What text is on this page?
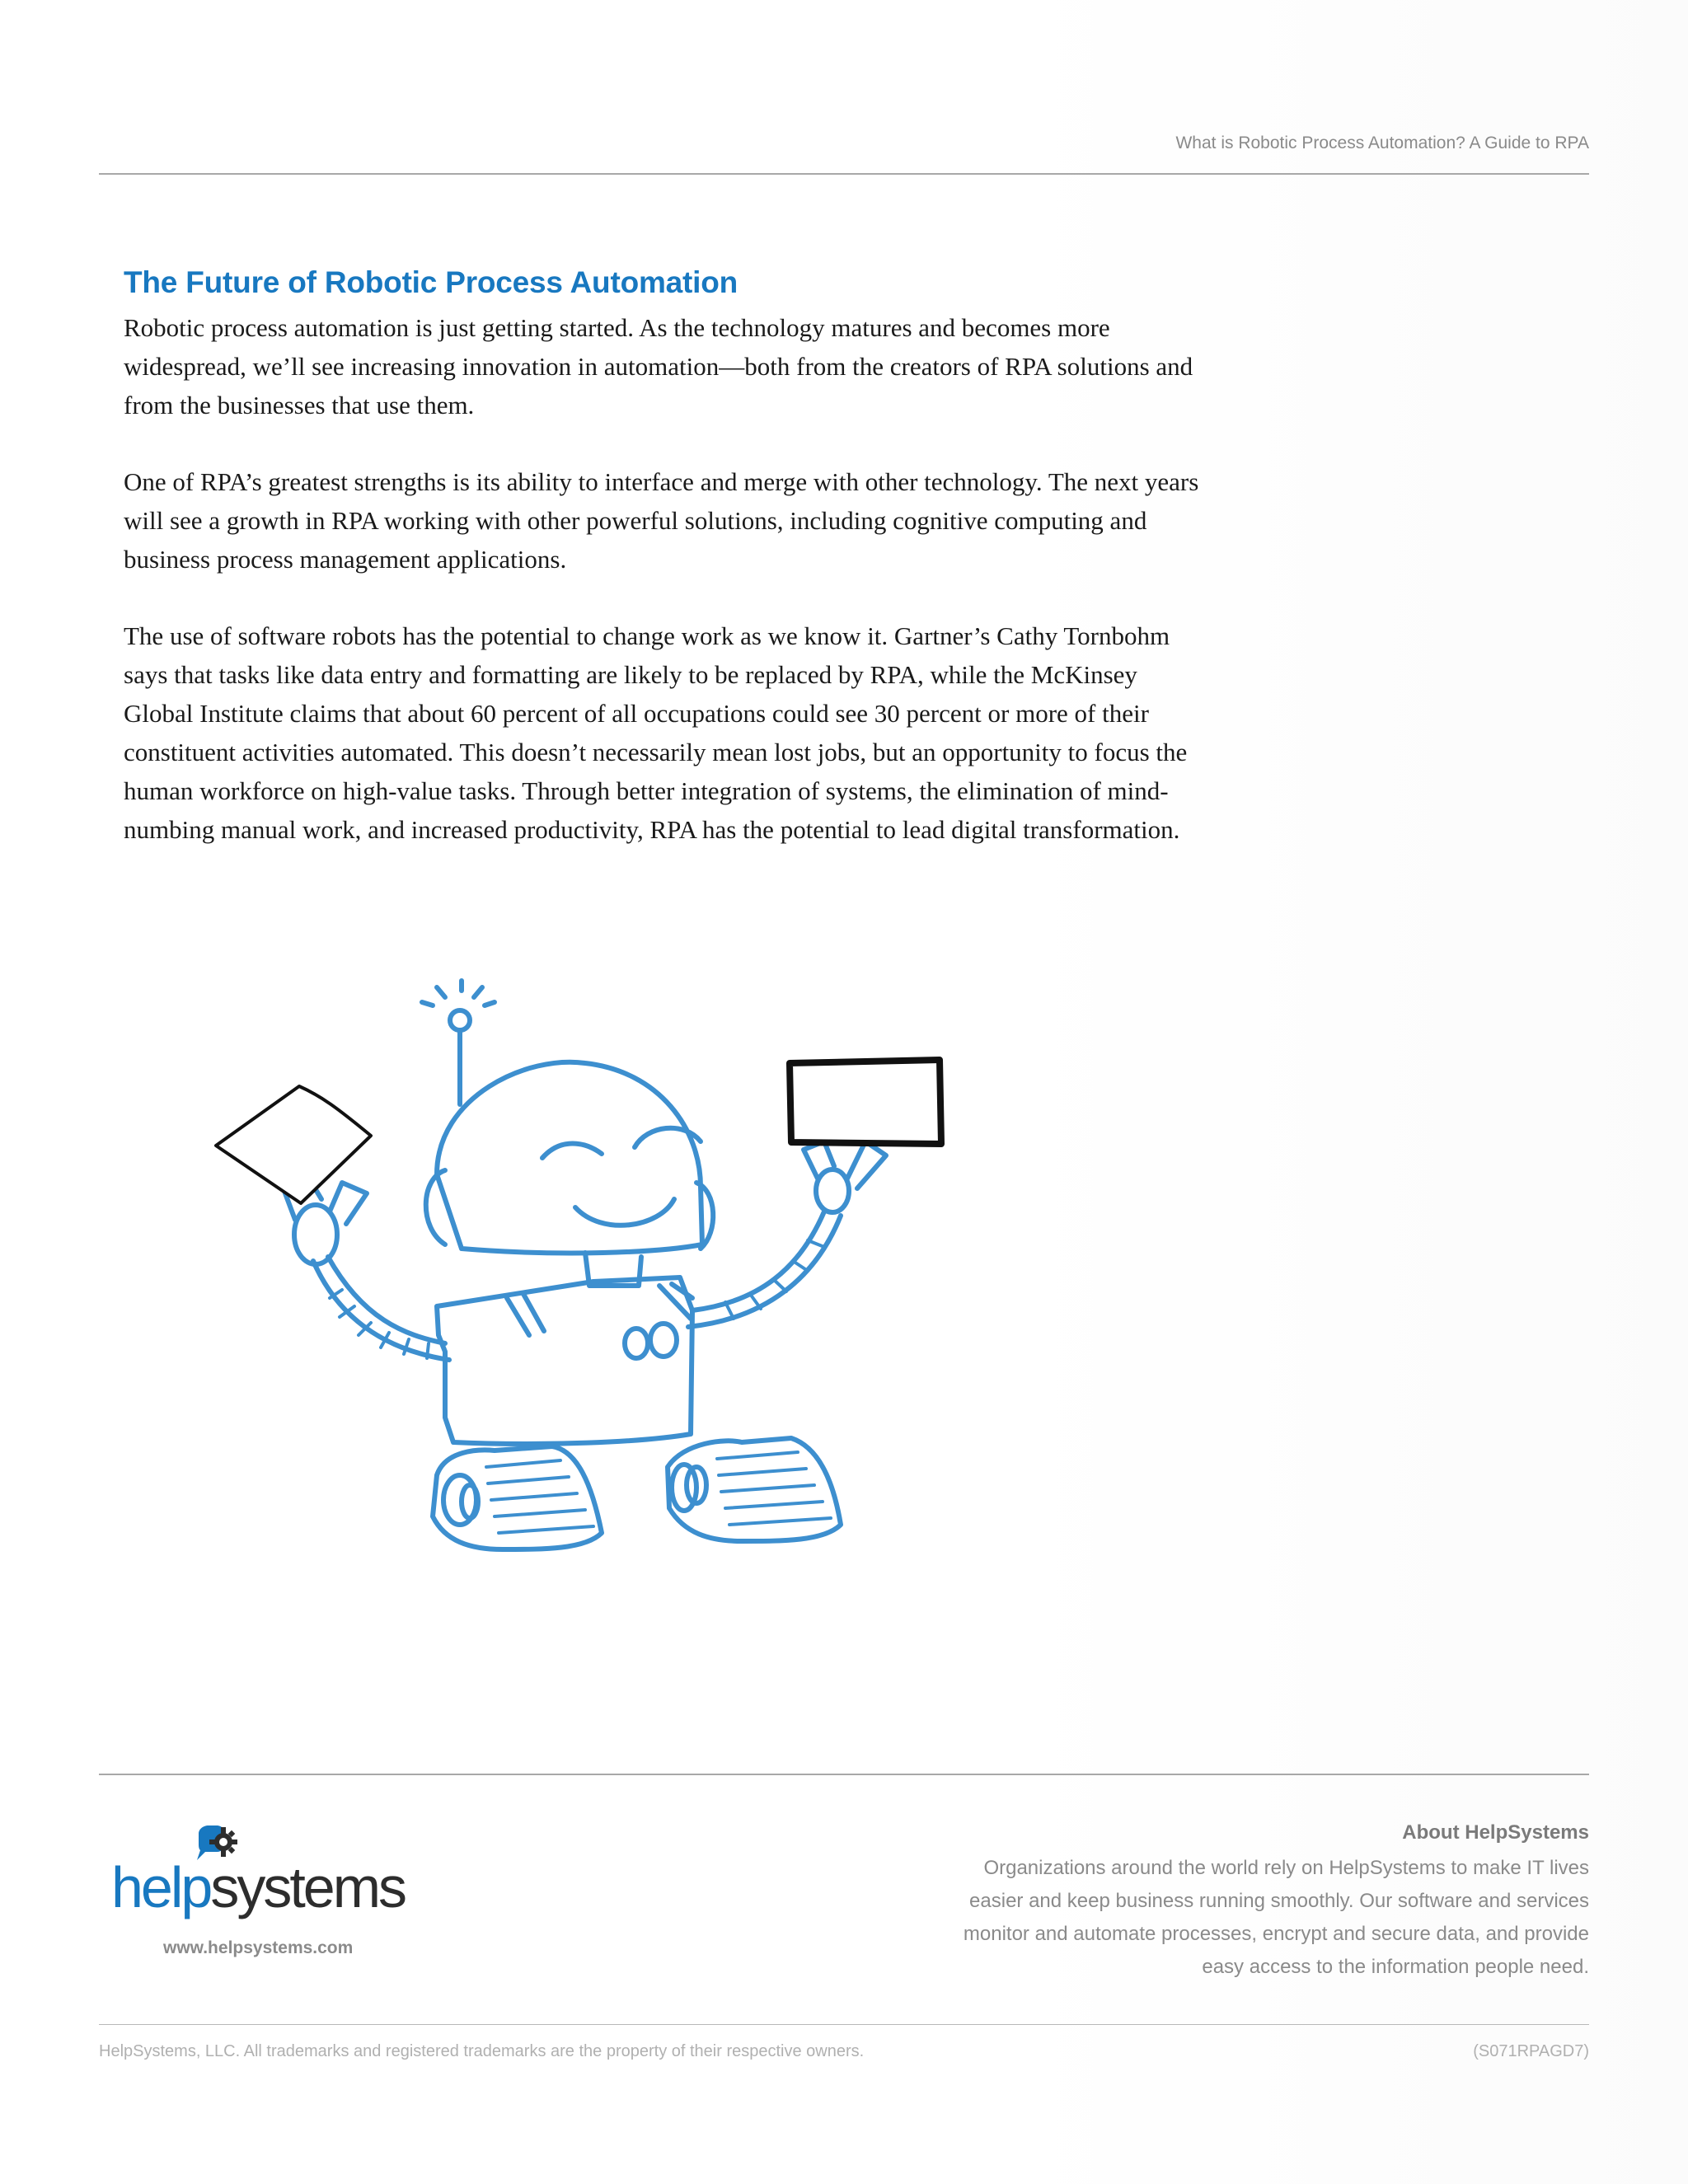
What is Robotic Process Automation? A Guide to RPA
The Future of Robotic Process Automation

Robotic process automation is just getting started. As the technology matures and becomes more widespread, we’ll see increasing innovation in automation—both from the creators of RPA solutions and from the businesses that use them.

One of RPA’s greatest strengths is its ability to interface and merge with other technology. The next years will see a growth in RPA working with other powerful solutions, including cognitive computing and business process management applications.

The use of software robots has the potential to change work as we know it. Gartner’s Cathy Tornbohm says that tasks like data entry and formatting are likely to be replaced by RPA, while the McKinsey Global Institute claims that about 60 percent of all occupations could see 30 percent or more of their constituent activities automated. This doesn’t necessarily mean lost jobs, but an opportunity to focus the human workforce on high-value tasks. Through better integration of systems, the elimination of mind-numbing manual work, and increased productivity, RPA has the potential to lead digital transformation.

helpsystems
www.helpsystems.com
About HelpSystems

Organizations around the world rely on HelpSystems to make IT lives easier and keep business running smoothly. Our software and services monitor and automate processes, encrypt and secure data, and provide easy access to the information people need.

HelpSystems, LLC. All trademarks and registered trademarks are the property of their respective owners.	(S071RPAGD7)
